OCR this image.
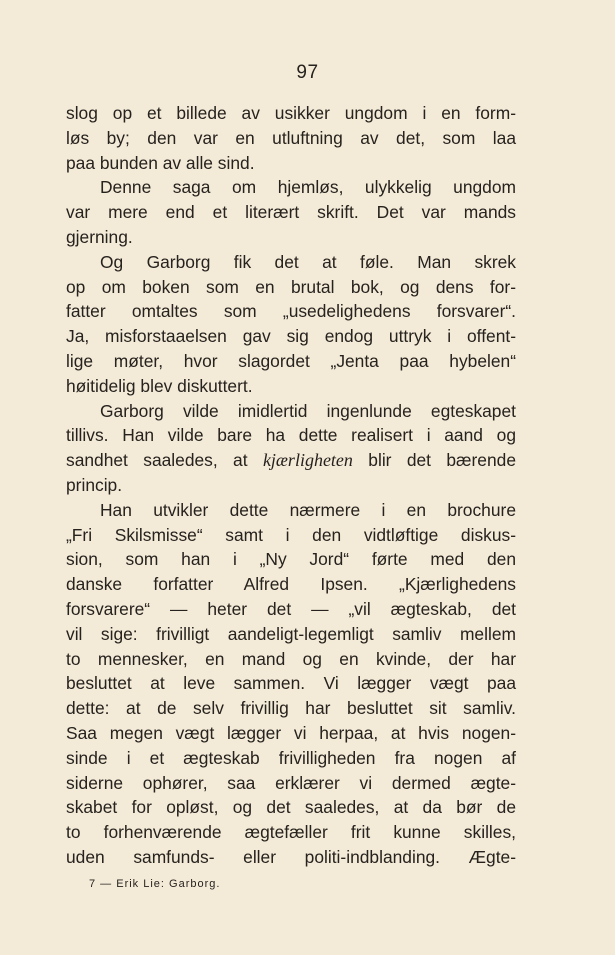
97
slog op et billede av usikker ungdom i en form-
løs by; den var en utluftning av det, som laa
paa bunden av alle sind.
Denne saga om hjemløs, ulykkelig ungdom
var mere end et literært skrift. Det var mands
gjerning.
Og Garborg fik det at føle. Man skrek
op om boken som en brutal bok, og dens for-
fatter omtaltes som „usedelighedens forsvarer“.
Ja, misforstaaelsen gav sig endog uttryk i offent-
lige møter, hvor slagordet „Jenta paa hybelen“
høitidelig blev diskuttert.
Garborg vilde imidlertid ingenlunde egteskapet
tillivs. Han vilde bare ha dette realisert i aand og
sandhet saaledes, at kjærligheten blir det bærende
princip.
Han utvikler dette nærmere i en brochure
„Fri Skilsmisse“ samt i den vidtløftige diskus-
sion, som han i „Ny Jord“ førte med den
danske forfatter Alfred Ipsen. „Kjærlighedens
forsvarere“ — heter det — „vil ægteskab, det
vil sige: frivilligt aandeligt-legemligt samliv mellem
to mennesker, en mand og en kvinde, der har
besluttet at leve sammen. Vi lægger vægt paa
dette: at de selv frivillig har besluttet sit samliv.
Saa megen vægt lægger vi herpaa, at hvis nogen-
sinde i et ægteskab frivilligheden fra nogen af
siderne ophører, saa erklærer vi dermed ægte-
skabet for opløst, og det saaledes, at da bør de
to forhenværende ægtefæller frit kunne skilles,
uden samfunds- eller politi-indblanding. Ægte-
7 — Erik Lie: Garborg.
